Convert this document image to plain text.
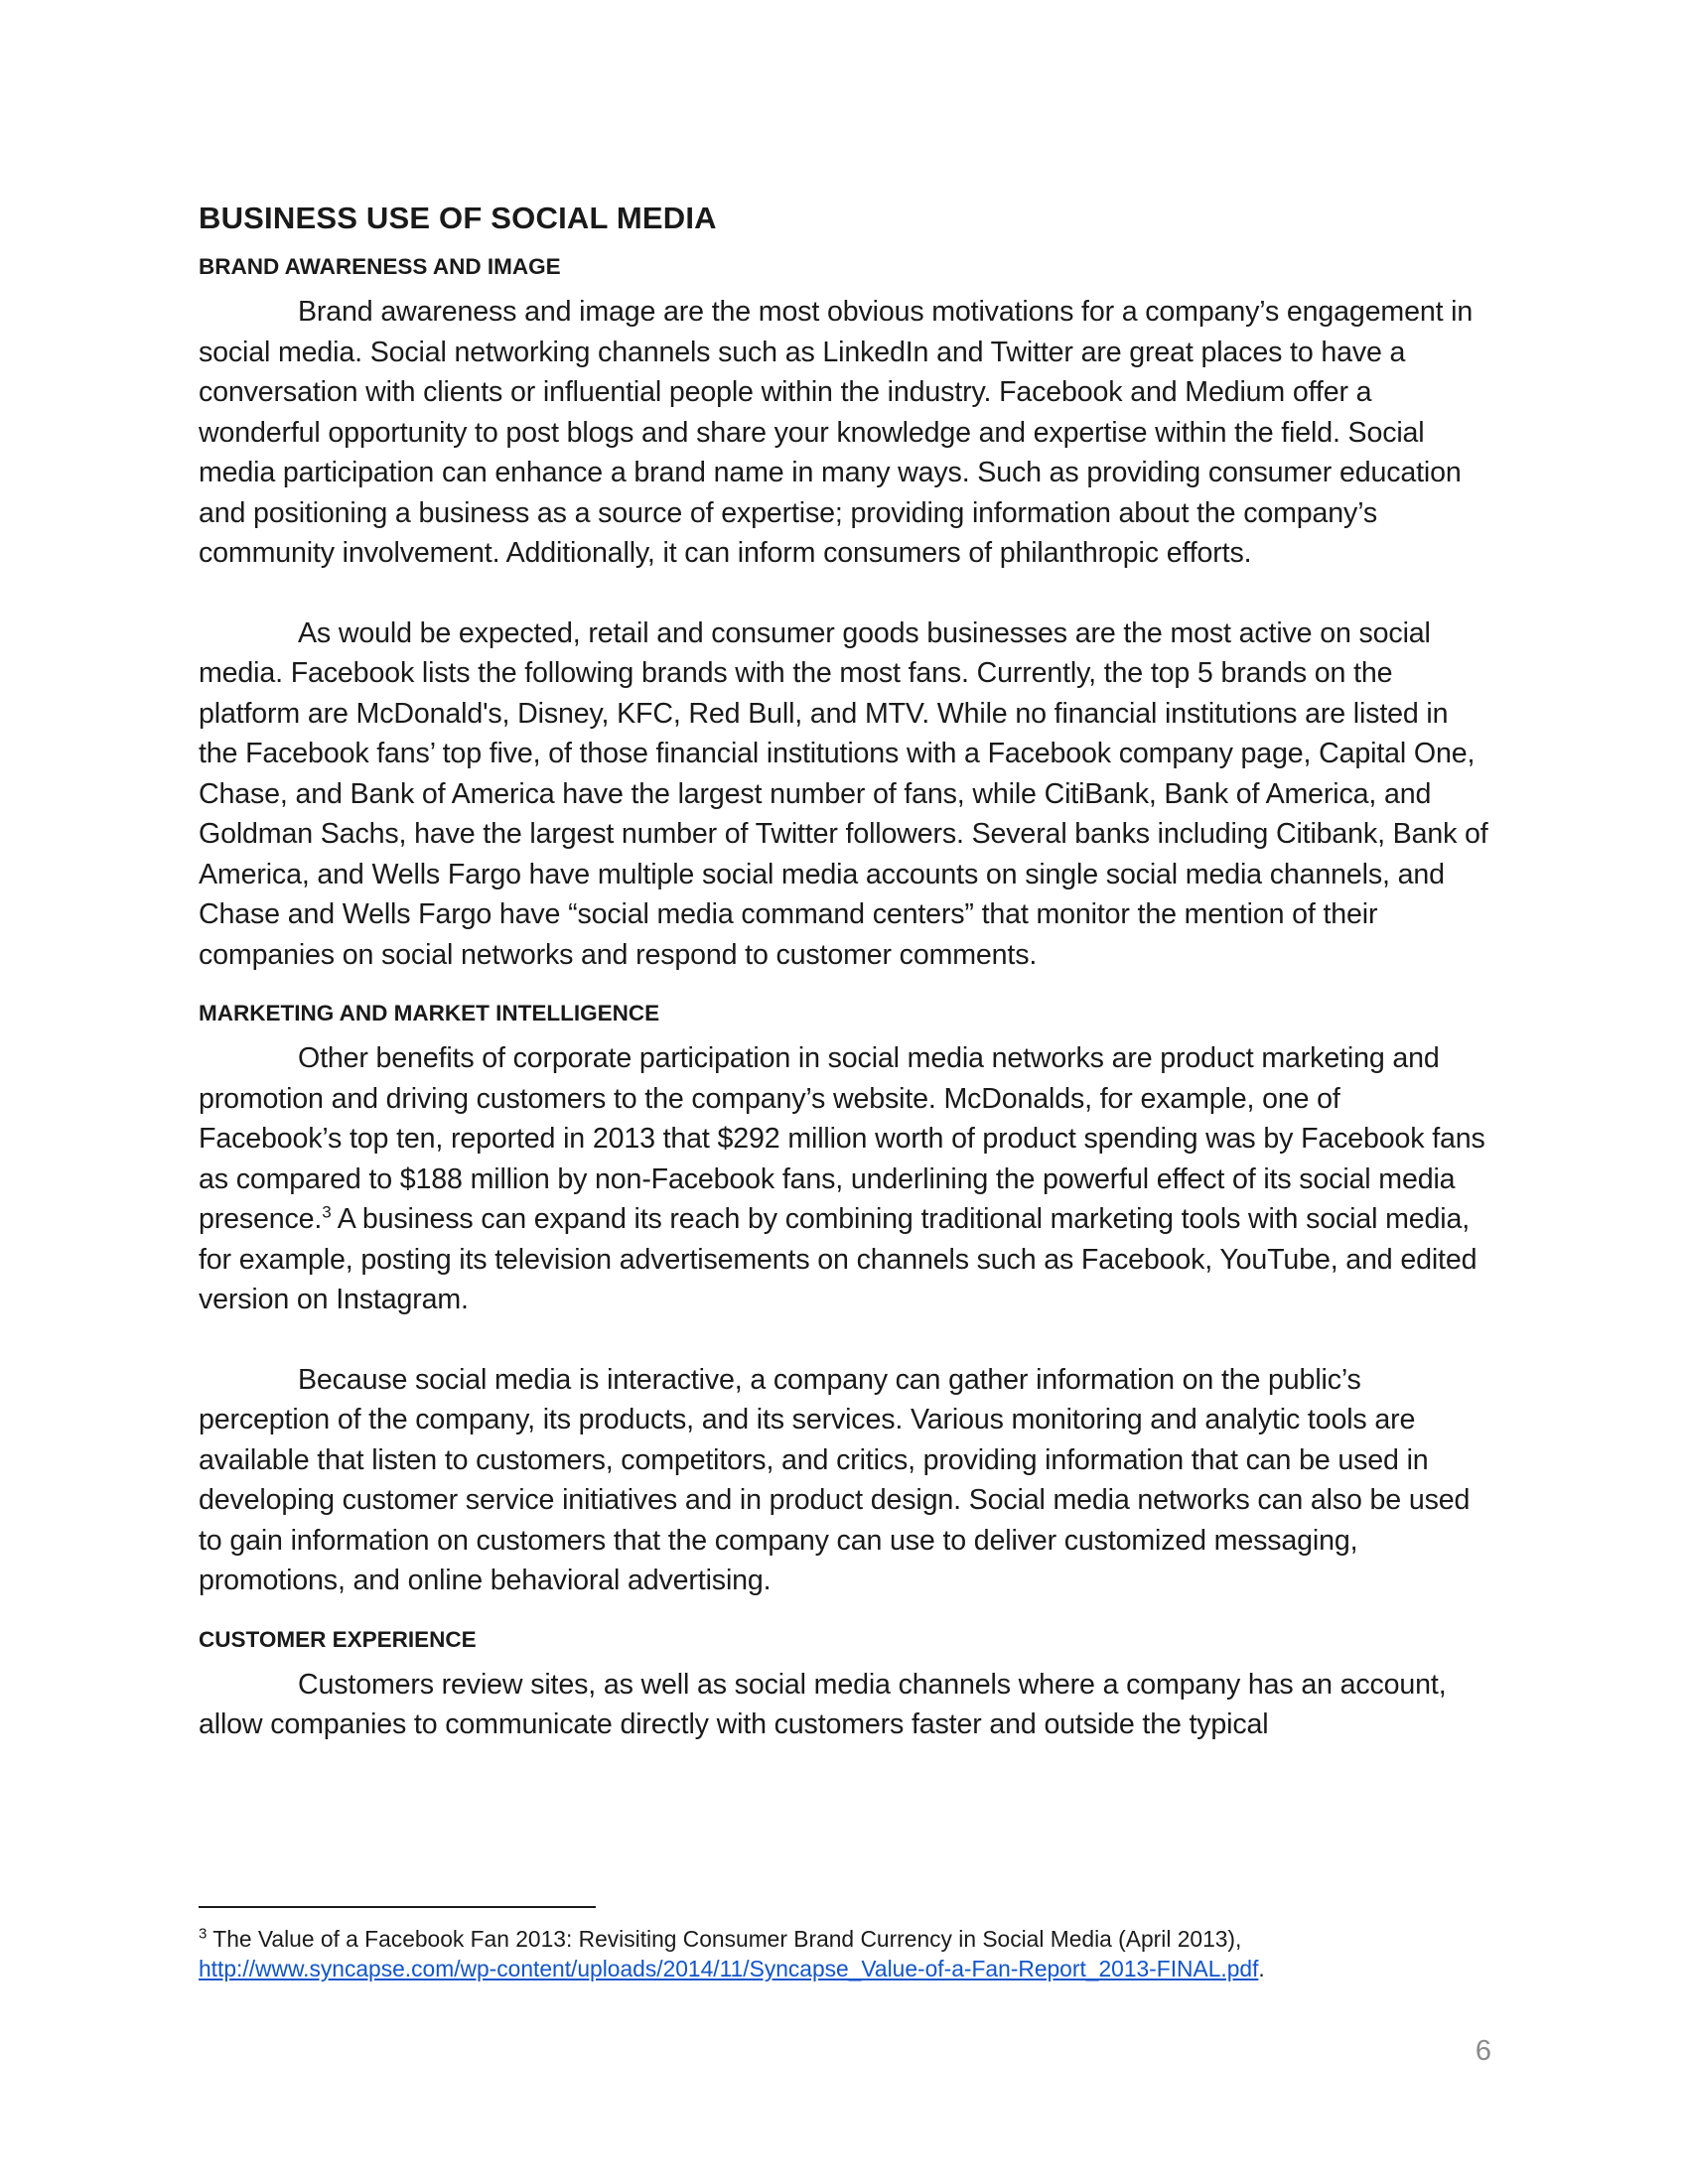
BUSINESS USE OF SOCIAL MEDIA
BRAND AWARENESS AND IMAGE

Brand awareness and image are the most obvious motivations for a company’s engagement in social media. Social networking channels such as LinkedIn and Twitter are great places to have a conversation with clients or influential people within the industry. Facebook and Medium offer a wonderful opportunity to post blogs and share your knowledge and expertise within the field. Social media participation can enhance a brand name in many ways. Such as providing consumer education and positioning a business as a source of expertise; providing information about the company’s community involvement. Additionally, it can inform consumers of philanthropic efforts.

As would be expected, retail and consumer goods businesses are the most active on social media. Facebook lists the following brands with the most fans. Currently, the top 5 brands on the platform are McDonald's, Disney, KFC, Red Bull, and MTV. While no financial institutions are listed in the Facebook fans’ top five, of those financial institutions with a Facebook company page, Capital One, Chase, and Bank of America have the largest number of fans, while CitiBank, Bank of America, and Goldman Sachs, have the largest number of Twitter followers. Several banks including Citibank, Bank of America, and Wells Fargo have multiple social media accounts on single social media channels, and Chase and Wells Fargo have “social media command centers” that monitor the mention of their companies on social networks and respond to customer comments.

MARKETING AND MARKET INTELLIGENCE

Other benefits of corporate participation in social media networks are product marketing and promotion and driving customers to the company’s website. McDonalds, for example, one of Facebook’s top ten, reported in 2013 that $292 million worth of product spending was by Facebook fans as compared to $188 million by non-Facebook fans, underlining the powerful effect of its social media presence.$^3$ A business can expand its reach by combining traditional marketing tools with social media, for example, posting its television advertisements on channels such as Facebook, YouTube, and edited version on Instagram.

Because social media is interactive, a company can gather information on the public’s perception of the company, its products, and its services. Various monitoring and analytic tools are available that listen to customers, competitors, and critics, providing information that can be used in developing customer service initiatives and in product design. Social media networks can also be used to gain information on customers that the company can use to deliver customized messaging, promotions, and online behavioral advertising.

CUSTOMER EXPERIENCE

Customers review sites, as well as social media channels where a company has an account, allow companies to communicate directly with customers faster and outside the typical

$^3$ The Value of a Facebook Fan 2013: Revisiting Consumer Brand Currency in Social Media (April 2013),
http://www.syncapse.com/wp-content/uploads/2014/11/Syncapse_Value-of-a-Fan-Report_2013-FINAL.pdf.
6
